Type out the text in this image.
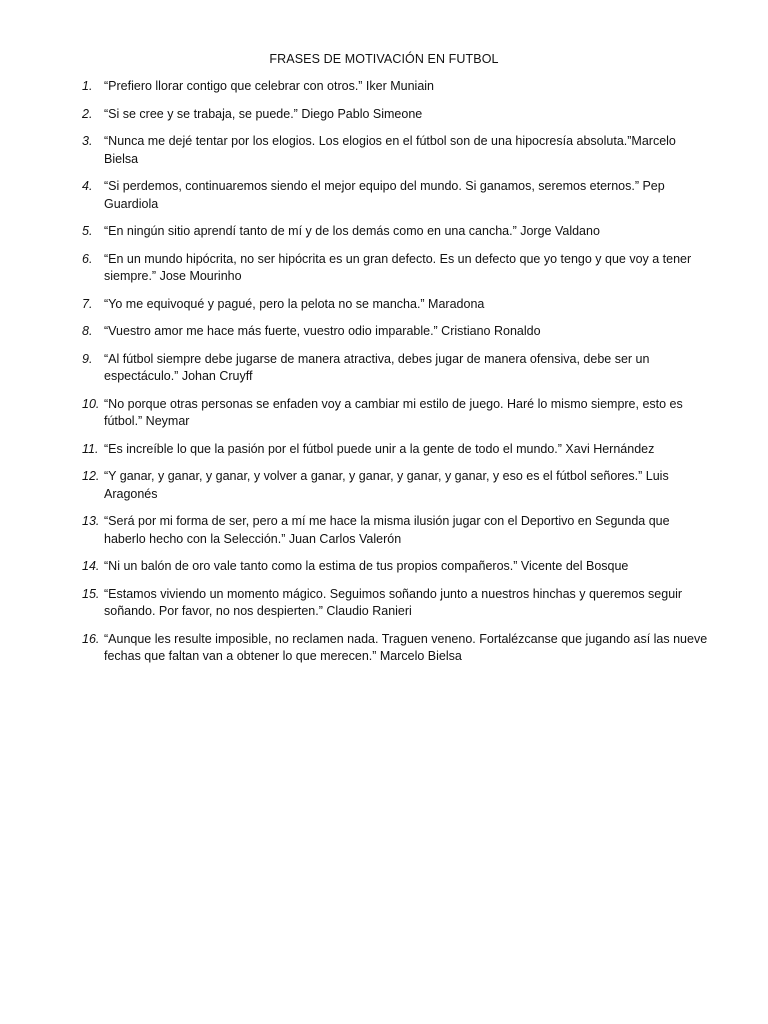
FRASES DE MOTIVACIÓN EN FUTBOL
1. “Prefiero llorar contigo que celebrar con otros.” Iker Muniain
2. “Si se cree y se trabaja, se puede.” Diego Pablo Simeone
3. “Nunca me dejé tentar por los elogios. Los elogios en el fútbol son de una hipocresía absoluta.”Marcelo Bielsa
4. “Si perdemos, continuaremos siendo el mejor equipo del mundo. Si ganamos, seremos eternos.” Pep Guardiola
5. “En ningún sitio aprendí tanto de mí y de los demás como en una cancha.” Jorge Valdano
6. “En un mundo hipócrita, no ser hipócrita es un gran defecto. Es un defecto que yo tengo y que voy a tener siempre.” Jose Mourinho
7. “Yo me equivoqué y pagué, pero la pelota no se mancha.” Maradona
8. “Vuestro amor me hace más fuerte, vuestro odio imparable.” Cristiano Ronaldo
9. “Al fútbol siempre debe jugarse de manera atractiva, debes jugar de manera ofensiva, debe ser un espectáculo.” Johan Cruyff
10. “No porque otras personas se enfaden voy a cambiar mi estilo de juego. Haré lo mismo siempre, esto es fútbol.” Neymar
11. “Es increíble lo que la pasión por el fútbol puede unir a la gente de todo el mundo.” Xavi Hernández
12. “Y ganar, y ganar, y ganar, y volver a ganar, y ganar, y ganar, y ganar, y eso es el fútbol señores.” Luis Aragonés
13. “Será por mi forma de ser, pero a mí me hace la misma ilusión jugar con el Deportivo en Segunda que haberlo hecho con la Selección.” Juan Carlos Valerón
14. “Ni un balón de oro vale tanto como la estima de tus propios compañeros.” Vicente del Bosque
15. “Estamos viviendo un momento mágico. Seguimos soñando junto a nuestros hinchas y queremos seguir soñando. Por favor, no nos despierten.” Claudio Ranieri
16. “Aunque les resulte imposible, no reclamen nada. Traguen veneno. Fortalézcanse que jugando así las nueve fechas que faltan van a obtener lo que merecen.” Marcelo Bielsa
